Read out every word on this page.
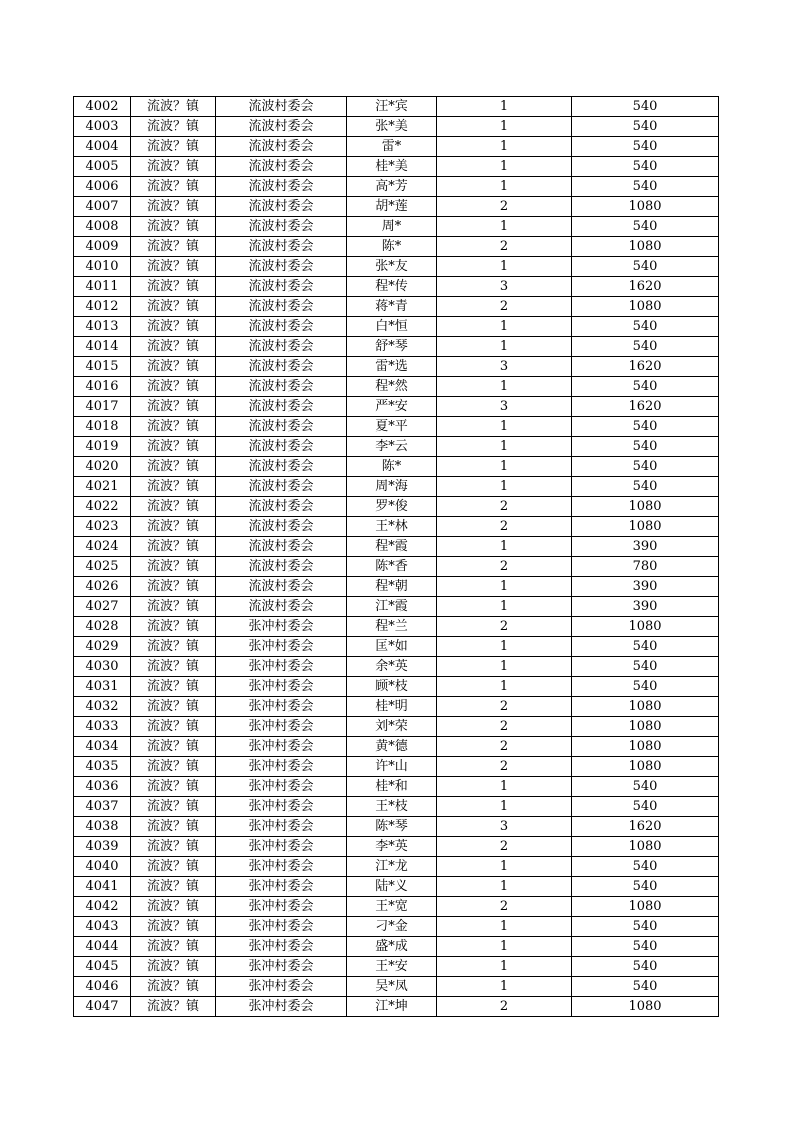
4002	流波？镇	流波村委会	汪*宾	1	540
4003	流波？镇	流波村委会	张*美	1	540
4004	流波？镇	流波村委会	雷*	1	540
4005	流波？镇	流波村委会	桂*美	1	540
4006	流波？镇	流波村委会	高*芳	1	540
4007	流波？镇	流波村委会	胡*莲	2	1080
4008	流波？镇	流波村委会	周*	1	540
4009	流波？镇	流波村委会	陈*	2	1080
4010	流波？镇	流波村委会	张*友	1	540
4011	流波？镇	流波村委会	程*传	3	1620
4012	流波？镇	流波村委会	蒋*青	2	1080
4013	流波？镇	流波村委会	白*恒	1	540
4014	流波？镇	流波村委会	舒*琴	1	540
4015	流波？镇	流波村委会	雷*选	3	1620
4016	流波？镇	流波村委会	程*然	1	540
4017	流波？镇	流波村委会	严*安	3	1620
4018	流波？镇	流波村委会	夏*平	1	540
4019	流波？镇	流波村委会	李*云	1	540
4020	流波？镇	流波村委会	陈*	1	540
4021	流波？镇	流波村委会	周*海	1	540
4022	流波？镇	流波村委会	罗*俊	2	1080
4023	流波？镇	流波村委会	王*林	2	1080
4024	流波？镇	流波村委会	程*霞	1	390
4025	流波？镇	流波村委会	陈*香	2	780
4026	流波？镇	流波村委会	程*朝	1	390
4027	流波？镇	流波村委会	江*霞	1	390
4028	流波？镇	张冲村委会	程*兰	2	1080
4029	流波？镇	张冲村委会	匡*如	1	540
4030	流波？镇	张冲村委会	余*英	1	540
4031	流波？镇	张冲村委会	顾*枝	1	540
4032	流波？镇	张冲村委会	桂*明	2	1080
4033	流波？镇	张冲村委会	刘*荣	2	1080
4034	流波？镇	张冲村委会	黄*德	2	1080
4035	流波？镇	张冲村委会	许*山	2	1080
4036	流波？镇	张冲村委会	桂*和	1	540
4037	流波？镇	张冲村委会	王*枝	1	540
4038	流波？镇	张冲村委会	陈*琴	3	1620
4039	流波？镇	张冲村委会	李*英	2	1080
4040	流波？镇	张冲村委会	江*龙	1	540
4041	流波？镇	张冲村委会	陆*义	1	540
4042	流波？镇	张冲村委会	王*宽	2	1080
4043	流波？镇	张冲村委会	刁*金	1	540
4044	流波？镇	张冲村委会	盛*成	1	540
4045	流波？镇	张冲村委会	王*安	1	540
4046	流波？镇	张冲村委会	吴*凤	1	540
4047	流波？镇	张冲村委会	江*坤	2	1080
